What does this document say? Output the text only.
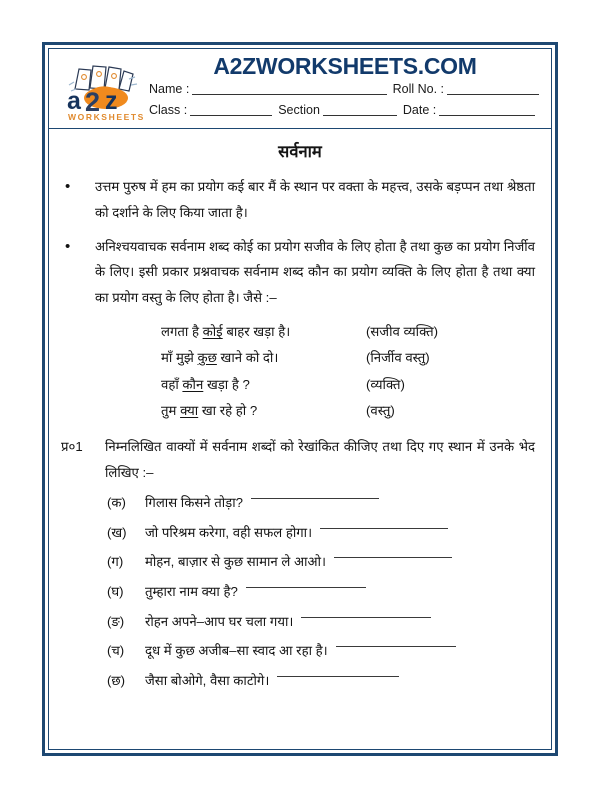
a 2 z
WORKSHEETS
A2ZWORKSHEETS.COM
Name :	Roll No. :
Class :	Section	Date :
सर्वनाम
•	उत्तम पुरुष में हम का प्रयोग कई बार मैं के स्थान पर वक्ता के महत्त्व, उसके बड़प्पन तथा श्रेष्ठता को दर्शाने के लिए किया जाता है।
•	अनिश्चयवाचक सर्वनाम शब्द कोई का प्रयोग सजीव के लिए होता है तथा कुछ का प्रयोग निर्जीव के लिए। इसी प्रकार प्रश्नवाचक सर्वनाम शब्द कौन का प्रयोग व्यक्ति के लिए होता है तथा क्या का प्रयोग वस्तु के लिए होता है। जैसे :–
लगता है कोई बाहर खड़ा है।	(सजीव व्यक्ति)
माँ मुझे कुछ खाने को दो।	(निर्जीव वस्तु)
वहाँ कौन खड़ा है ?	(व्यक्ति)
तुम क्या खा रहे हो ?	(वस्तु)
प्र०1	निम्नलिखित वाक्यों में सर्वनाम शब्दों को रेखांकित कीजिए तथा दिए गए स्थान में उनके भेद लिखिए :–
(क)	गिलास किसने तोड़ा?
(ख)	जो परिश्रम करेगा, वही सफल होगा।
(ग)	मोहन, बाज़ार से कुछ सामान ले आओ।
(घ)	तुम्हारा नाम क्या है?
(ङ)	रोहन अपने–आप घर चला गया।
(च)	दूध में कुछ अजीब–सा स्वाद आ रहा है।
(छ)	जैसा बोओगे, वैसा काटोगे।
